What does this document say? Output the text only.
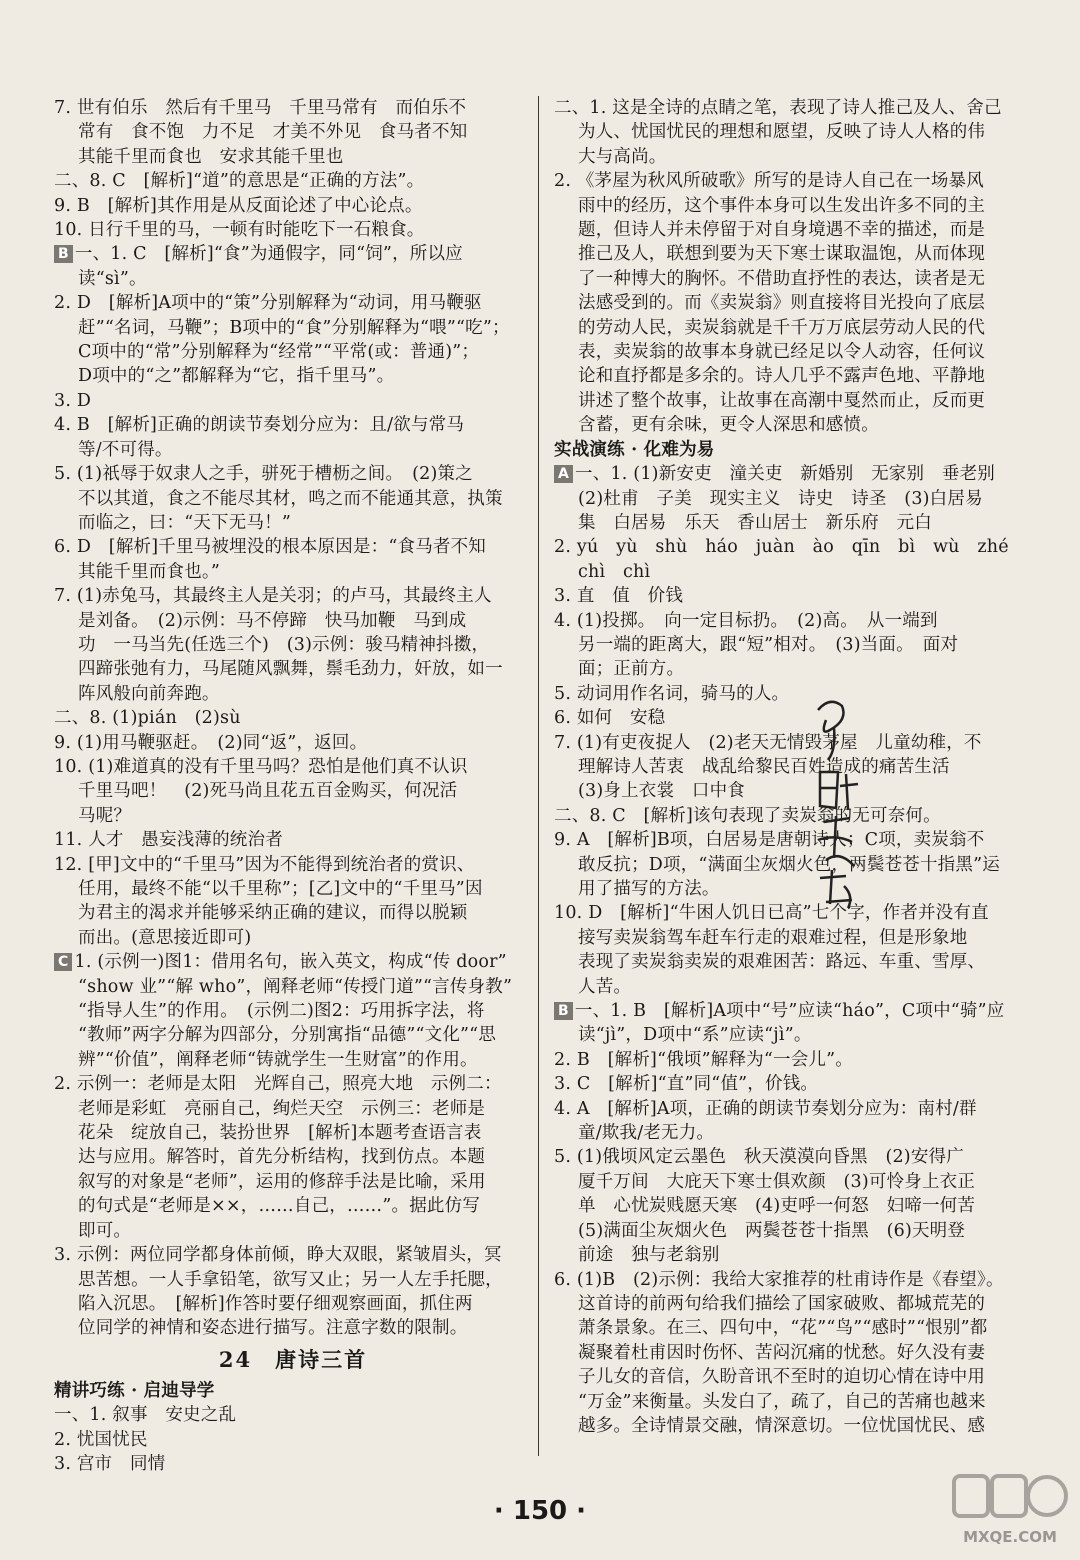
7. 世有伯乐　然后有千里马　千里马常有　而伯乐不
常有　食不饱　力不足　才美不外见　食马者不知
其能千里而食也　安求其能千里也
二、8. C　[解析]“道”的意思是“正确的方法”。
9. B　[解析]其作用是从反面论述了中心论点。
10. 日行千里的马，一顿有时能吃下一石粮食。
B 一、1. C　[解析]“食”为通假字，同“饲”，所以应
读“sì”。
2. D　[解析]A项中的“策”分别解释为“动词，用马鞭驱
赶”“名词，马鞭”；B项中的“食”分别解释为“喂”“吃”；
C项中的“常”分别解释为“经常”“平常(或：普通)”；
D项中的“之”都解释为“它，指千里马”。
3. D
4. B　[解析]正确的朗读节奏划分应为：且/欲与常马
等/不可得。
5. (1)祇辱于奴隶人之手，骈死于槽枥之间。　(2)策之
不以其道，食之不能尽其材，鸣之而不能通其意，执策
而临之，曰：“天下无马！”
6. D　[解析]千里马被埋没的根本原因是：“食马者不知
其能千里而食也。”
7. (1)赤兔马，其最终主人是关羽；的卢马，其最终主人
是刘备。　(2)示例：马不停蹄　快马加鞭　马到成
功　一马当先(任选三个)　(3)示例：骏马精神抖擞，
四蹄张弛有力，马尾随风飘舞，鬃毛劲力，奸放，如一
阵风般向前奔跑。
二、8. (1)pián　(2)sù
9. (1)用马鞭驱赶。　(2)同“返”，返回。
10. (1)难道真的没有千里马吗？恐怕是他们真不认识
千里马吧！　(2)死马尚且花五百金购买，何况活
马呢？
11. 人才　愚妄浅薄的统治者
12. [甲]文中的“千里马”因为不能得到统治者的赏识、
任用，最终不能“以千里称”；[乙]文中的“千里马”因
为君主的渴求并能够采纳正确的建议，而得以脱颖
而出。(意思接近即可)
C 1. (示例一)图1：借用名句，嵌入英文，构成“传 door”
“show 业”“解 who”，阐释老师“传授门道”“言传身教”
“指导人生”的作用。　(示例二)图2：巧用拆字法，将
“教师”两字分解为四部分，分别寓指“品德”“文化”“思
辨”“价值”，阐释老师“铸就学生一生财富”的作用。
2. 示例一：老师是太阳　光辉自己，照亮大地　示例二：
老师是彩虹　亮丽自己，绚烂天空　示例三：老师是
花朵　绽放自己，装扮世界　[解析]本题考查语言表
达与应用。解答时，首先分析结构，找到仿点。本题
叙写的对象是“老师”，运用的修辞手法是比喻，采用
的句式是“老师是××，……自己，……”。据此仿写
即可。
3. 示例：两位同学都身体前倾，睁大双眼，紧皱眉头，冥
思苦想。一人手拿铅笔，欲写又止；另一人左手托腮，
陷入沉思。　[解析]作答时要仔细观察画面，抓住两
位同学的神情和姿态进行描写。注意字数的限制。
24　唐诗三首
精讲巧练 · 启迪导学
一、1. 叙事　安史之乱
2. 忧国忧民
3. 宫市　同情
二、1. 这是全诗的点睛之笔，表现了诗人推己及人、舍己
为人、忧国忧民的理想和愿望，反映了诗人人格的伟
大与高尚。
2. 《茅屋为秋风所破歌》所写的是诗人自己在一场暴风
雨中的经历，这个事件本身可以生发出许多不同的主
题，但诗人并未停留于对自身境遇不幸的描述，而是
推己及人，联想到要为天下寒士谋取温饱，从而体现
了一种博大的胸怀。不借助直抒性的表达，读者是无
法感受到的。而《卖炭翁》则直接将目光投向了底层
的劳动人民，卖炭翁就是千千万万底层劳动人民的代
表，卖炭翁的故事本身就已经足以令人动容，任何议
论和直抒都是多余的。诗人几乎不露声色地、平静地
讲述了整个故事，让故事在高潮中戛然而止，反而更
含蓄，更有余味，更令人深思和感愤。
实战演练 · 化难为易
A 一、1. (1)新安吏　潼关吏　新婚别　无家别　垂老别
(2)杜甫　子美　现实主义　诗史　诗圣　(3)白居易
集　白居易　乐天　香山居士　新乐府　元白
2. yú　yù　shù　háo　juàn　ào　qīn　bì　wù　zhé
chì　chì
3. 直　值　价钱
4. (1)投掷。　向一定目标扔。　(2)高。　从一端到
另一端的距离大，跟“短”相对。　(3)当面。　面对
面；正前方。
5. 动词用作名词，骑马的人。
6. 如何　安稳
7. (1)有吏夜捉人　(2)老天无情毁茅屋　儿童幼稚，不
理解诗人苦衷　战乱给黎民百姓造成的痛苦生活
(3)身上衣裳　口中食
二、8. C　[解析]该句表现了卖炭翁的无可奈何。
9. A　[解析]B项，白居易是唐朝诗人；C项，卖炭翁不
敢反抗；D项，“满面尘灰烟火色，两鬓苍苍十指黑”运
用了描写的方法。
10. D　[解析]“牛困人饥日已高”七个字，作者并没有直
接写卖炭翁驾车赶车行走的艰难过程，但是形象地
表现了卖炭翁卖炭的艰难困苦：路远、车重、雪厚、
人苦。
B 一、1. B　[解析]A项中“号”应读“háo”，C项中“骑”应
读“jì”，D项中“系”应读“jì”。
2. B　[解析]“俄顷”解释为“一会儿”。
3. C　[解析]“直”同“值”，价钱。
4. A　[解析]A项，正确的朗读节奏划分应为：南村/群
童/欺我/老无力。
5. (1)俄顷风定云墨色　秋天漠漠向昏黑　(2)安得广
厦千万间　大庇天下寒士俱欢颜　(3)可怜身上衣正
单　心忧炭贱愿天寒　(4)吏呼一何怒　妇啼一何苦
(5)满面尘灰烟火色　两鬓苍苍十指黑　(6)天明登
前途　独与老翁别
6. (1)B　(2)示例：我给大家推荐的杜甫诗作是《春望》。
这首诗的前两句给我们描绘了国家破败、都城荒芜的
萧条景象。在三、四句中，“花”“鸟”“感时”“恨别”都
凝聚着杜甫因时伤怀、苦闷沉痛的忧愁。好久没有妻
子儿女的音信，久盼音讯不至时的迫切心情在诗中用
“万金”来衡量。头发白了，疏了，自己的苦痛也越来
越多。全诗情景交融，情深意切。一位忧国忧民、感
· 150 ·
MXQE.COM
